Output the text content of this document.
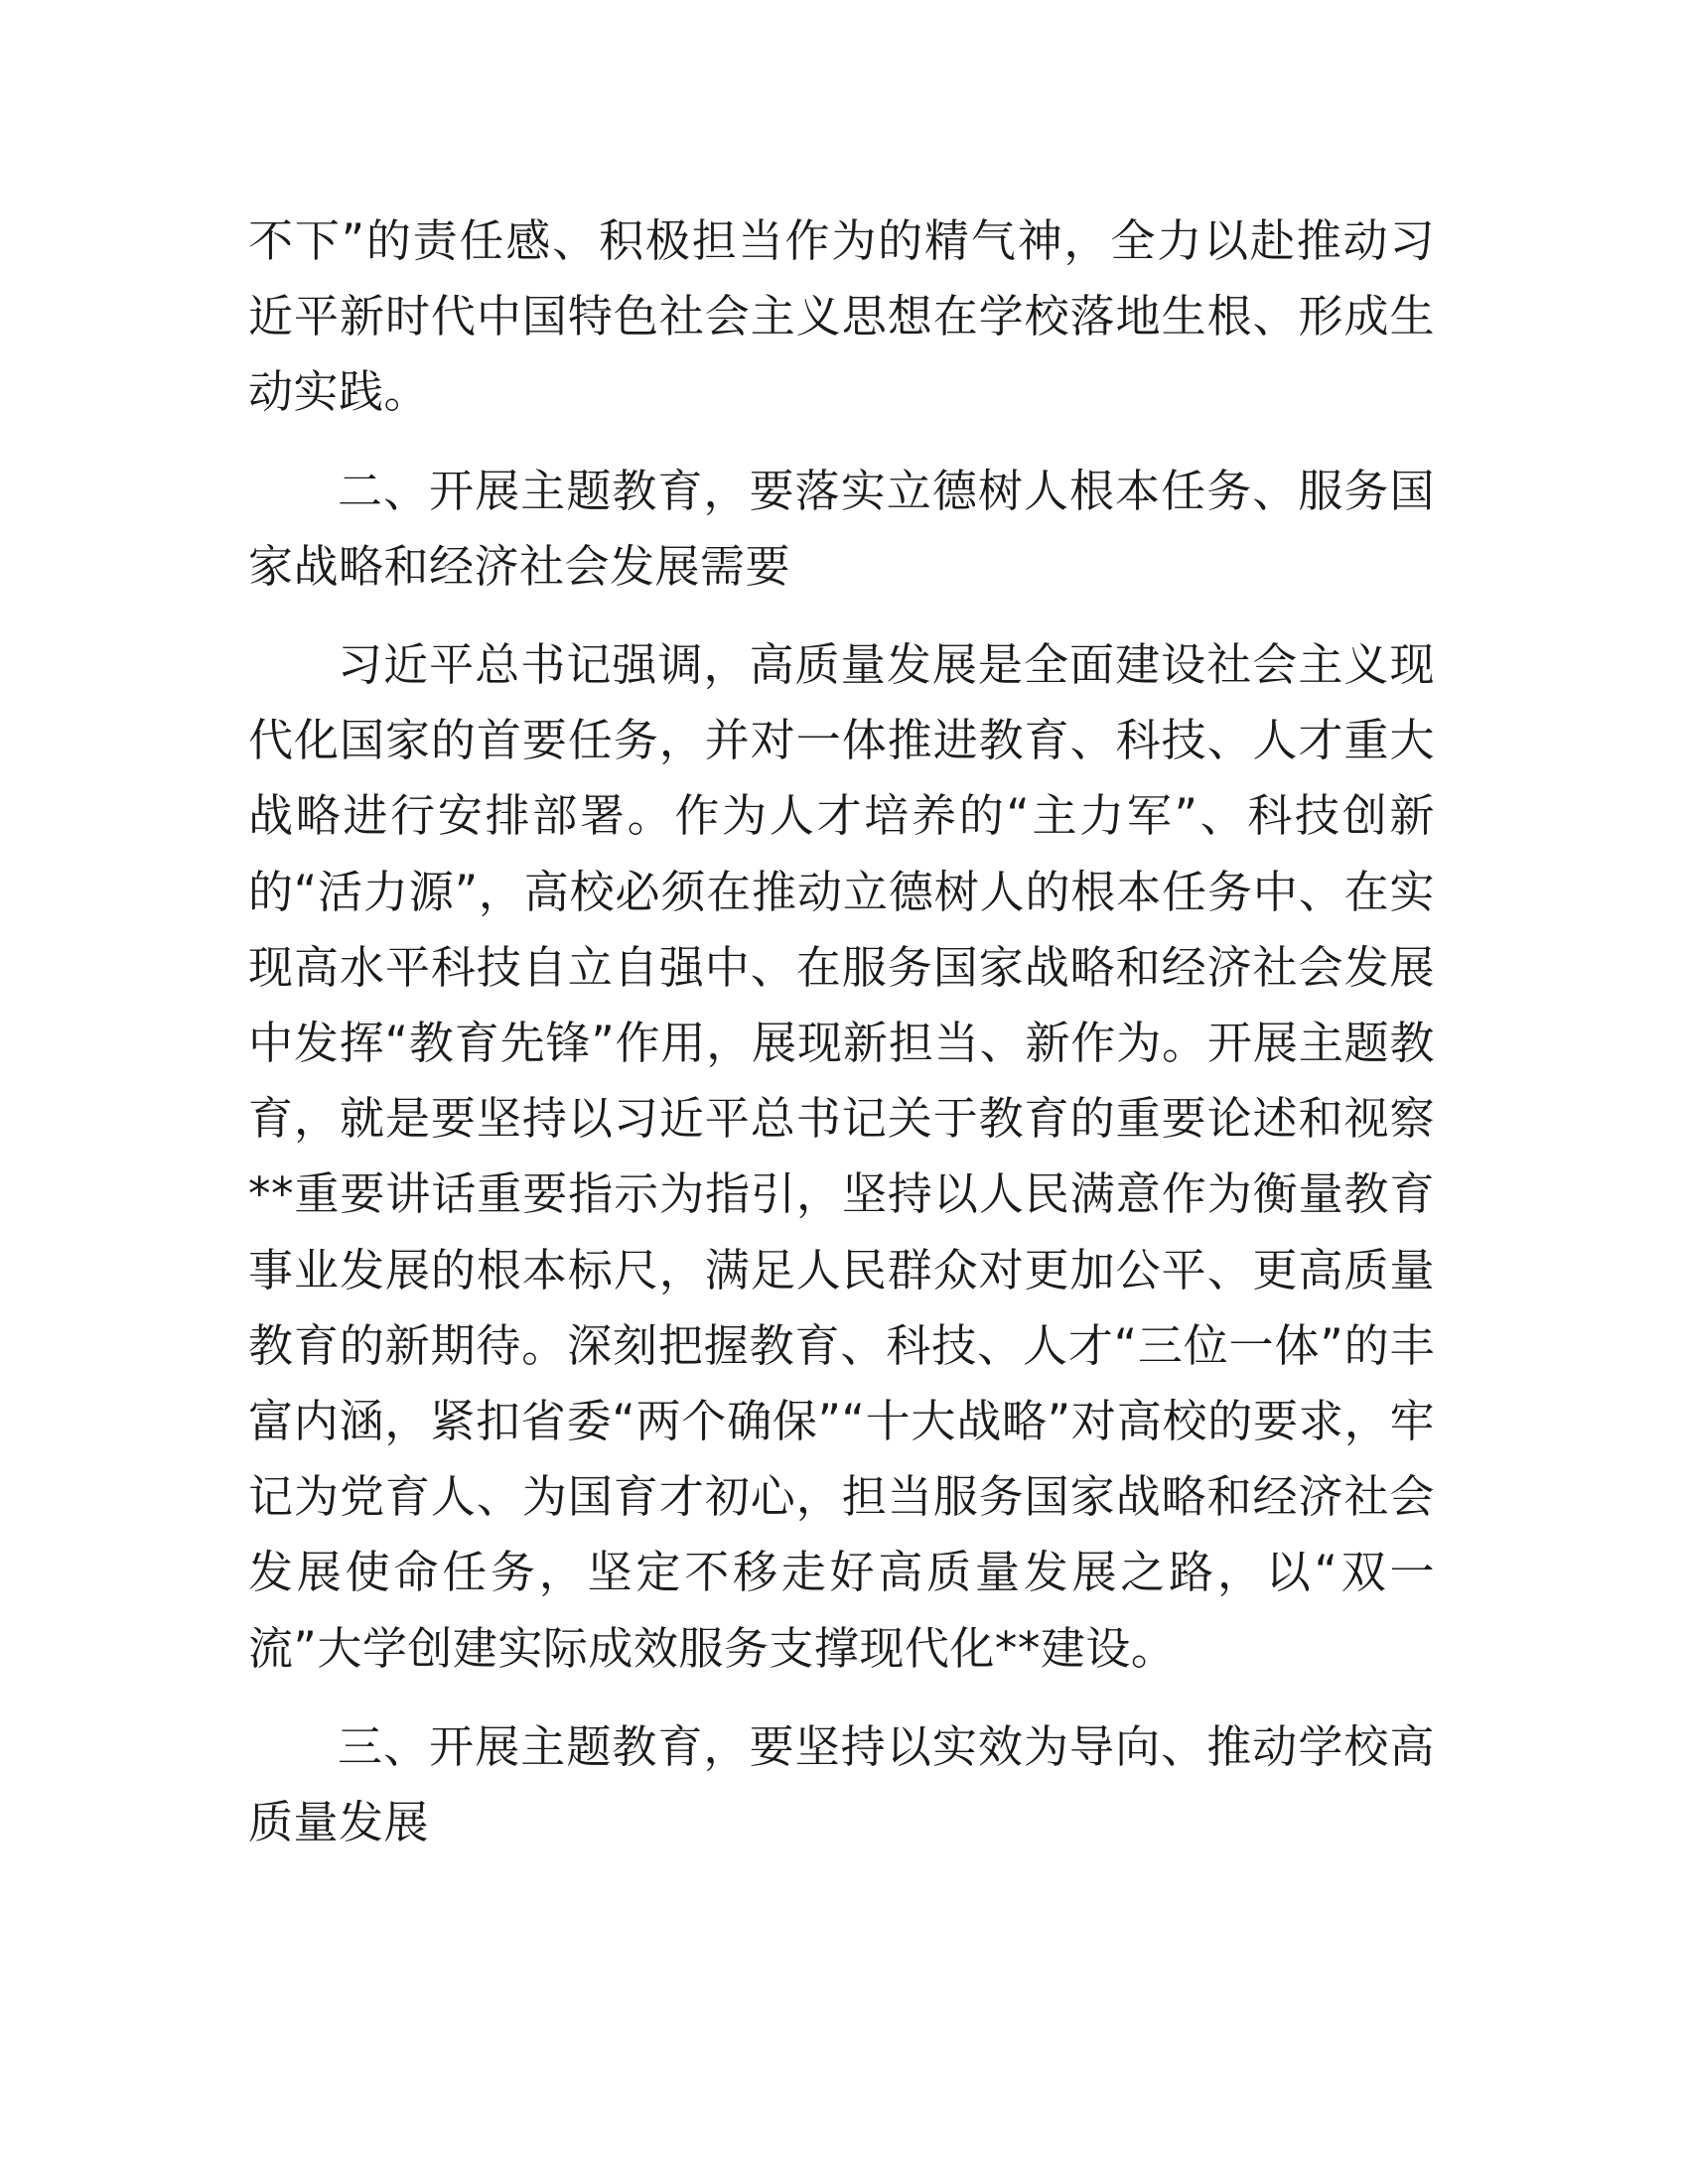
不下”的责任感、积极担当作为的精气神，全力以赴推动习近平新时代中国特色社会主义思想在学校落地生根、形成生动实践。

二、开展主题教育，要落实立德树人根本任务、服务国家战略和经济社会发展需要

习近平总书记强调，高质量发展是全面建设社会主义现代化国家的首要任务，并对一体推进教育、科技、人才重大战略进行安排部署。作为人才培养的“主力军”、科技创新的“活力源”，高校必须在推动立德树人的根本任务中、在实现高水平科技自立自强中、在服务国家战略和经济社会发展中发挥“教育先锋”作用，展现新担当、新作为。开展主题教育，就是要坚持以习近平总书记关于教育的重要论述和视察**重要讲话重要指示为指引，坚持以人民满意作为衡量教育事业发展的根本标尺，满足人民群众对更加公平、更高质量教育的新期待。深刻把握教育、科技、人才“三位一体”的丰富内涵，紧扣省委“两个确保”“十大战略”对高校的要求，牢记为党育人、为国育才初心，担当服务国家战略和经济社会发展使命任务，坚定不移走好高质量发展之路，以“双一流”大学创建实际成效服务支撑现代化**建设。

三、开展主题教育，要坚持以实效为导向、推动学校高质量发展
